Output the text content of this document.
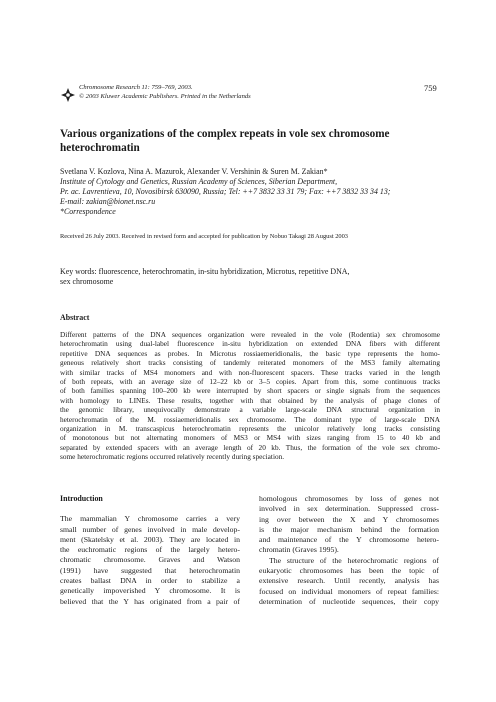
Chromosome Research 11: 759–769, 2003.
© 2003 Kluwer Academic Publishers. Printed in the Netherlands
759
Various organizations of the complex repeats in vole sex chromosome
heterochromatin
Svetlana V. Kozlova, Nina A. Mazurok, Alexander V. Vershinin & Suren M. Zakian*
Institute of Cytology and Genetics, Russian Academy of Sciences, Siberian Department,
Pr. ac. Lavrentieva, 10, Novosibirsk 630090, Russia; Tel: ++7 3832 33 31 79; Fax: ++7 3832 33 34 13;
E-mail: zakian@bionet.nsc.ru
*Correspondence
Received 26 July 2003. Received in revised form and accepted for publication by Nobuo Takagi 28 August 2003
Key words: fluorescence, heterochromatin, in-situ hybridization, Microtus, repetitive DNA,
sex chromosome
Abstract
Different patterns of the DNA sequences organization were revealed in the vole (Rodentia) sex chromosome
heterochromatin using dual-label fluorescence in-situ hybridization on extended DNA fibers with different
repetitive DNA sequences as probes. In Microtus rossiaemeridionalis, the basic type represents the homo-
geneous relatively short tracks consisting of tandemly reiterated monomers of the MS3 family alternating
with similar tracks of MS4 monomers and with non-fluorescent spacers. These tracks varied in the length
of both repeats, with an average size of 12–22 kb or 3–5 copies. Apart from this, some continuous tracks
of both families spanning 100–200 kb were interrupted by short spacers or single signals from the sequences
with homology to LINEs. These results, together with that obtained by the analysis of phage clones of
the genomic library, unequivocally demonstrate a variable large-scale DNA structural organization in
heterochromatin of the M. rossiaemeridionalis sex chromosome. The dominant type of large-scale DNA
organization in M. transcaspicus heterochromatin represents the unicolor relatively long tracks consisting
of monotonous but not alternating monomers of MS3 or MS4 with sizes ranging from 15 to 40 kb and
separated by extended spacers with an average length of 20 kb. Thus, the formation of the vole sex chromo-
some heterochromatic regions occurred relatively recently during speciation.
Introduction
The mammalian Y chromosome carries a very
small number of genes involved in male develop-
ment (Skatelsky et al. 2003). They are located in
the euchromatic regions of the largely hetero-
chromatic chromosome. Graves and Watson
(1991) have suggested that heterochromatin
creates ballast DNA in order to stabilize a
genetically impoverished Y chromosome. It is
believed that the Y has originated from a pair of
homologous chromosomes by loss of genes not
involved in sex determination. Suppressed cross-
ing over between the X and Y chromosomes
is the major mechanism behind the formation
and maintenance of the Y chromosome hetero-
chromatin (Graves 1995).
The structure of the heterochromatic regions of
eukaryotic chromosomes has been the topic of
extensive research. Until recently, analysis has
focused on individual monomers of repeat families:
determination of nucleotide sequences, their copy
